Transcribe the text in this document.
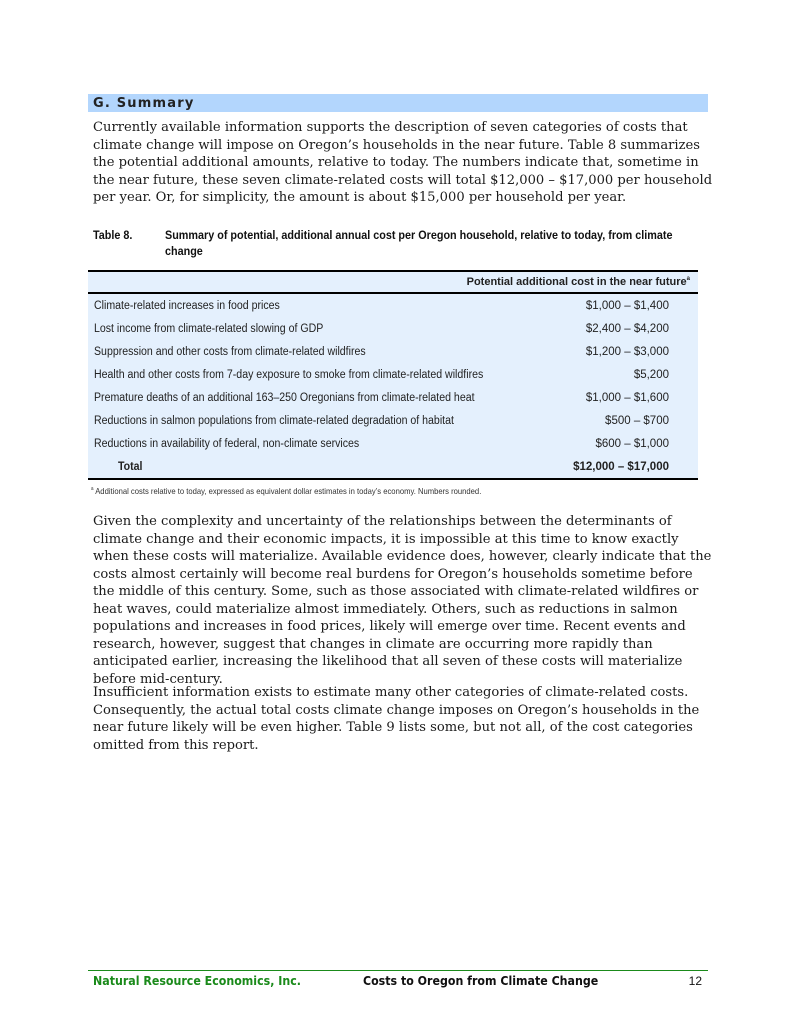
G. Summary

Currently available information supports the description of seven categories of costs that climate change will impose on Oregon’s households in the near future. Table 8 summarizes the potential additional amounts, relative to today. The numbers indicate that, sometime in the near future, these seven climate-related costs will total $12,000 – $17,000 per household per year. Or, for simplicity, the amount is about $15,000 per household per year.

Table 8.	Summary of potential, additional annual cost per Oregon household, relative to today, from climate change
Potential additional cost in the near future$^a$
Climate-related increases in food prices	$1,000 – $1,400
Lost income from climate-related slowing of GDP	$2,400 – $4,200
Suppression and other costs from climate-related wildfires	$1,200 – $3,000
Health and other costs from 7-day exposure to smoke from climate-related wildfires	$5,200
Premature deaths of an additional 163–250 Oregonians from climate-related heat	$1,000 – $1,600
Reductions in salmon populations from climate-related degradation of habitat	$500 – $700
Reductions in availability of federal, non-climate services	$600 – $1,000
Total	$12,000 – $17,000
$^a$ Additional costs relative to today, expressed as equivalent dollar estimates in today’s economy. Numbers rounded.

Given the complexity and uncertainty of the relationships between the determinants of climate change and their economic impacts, it is impossible at this time to know exactly when these costs will materialize. Available evidence does, however, clearly indicate that the costs almost certainly will become real burdens for Oregon’s households sometime before the middle of this century. Some, such as those associated with climate-related wildfires or heat waves, could materialize almost immediately. Others, such as reductions in salmon populations and increases in food prices, likely will emerge over time. Recent events and research, however, suggest that changes in climate are occurring more rapidly than anticipated earlier, increasing the likelihood that all seven of these costs will materialize before mid-century.

Insufficient information exists to estimate many other categories of climate-related costs. Consequently, the actual total costs climate change imposes on Oregon’s households in the near future likely will be even higher. Table 9 lists some, but not all, of the cost categories omitted from this report.

Natural Resource Economics, Inc.	Costs to Oregon from Climate Change	12
